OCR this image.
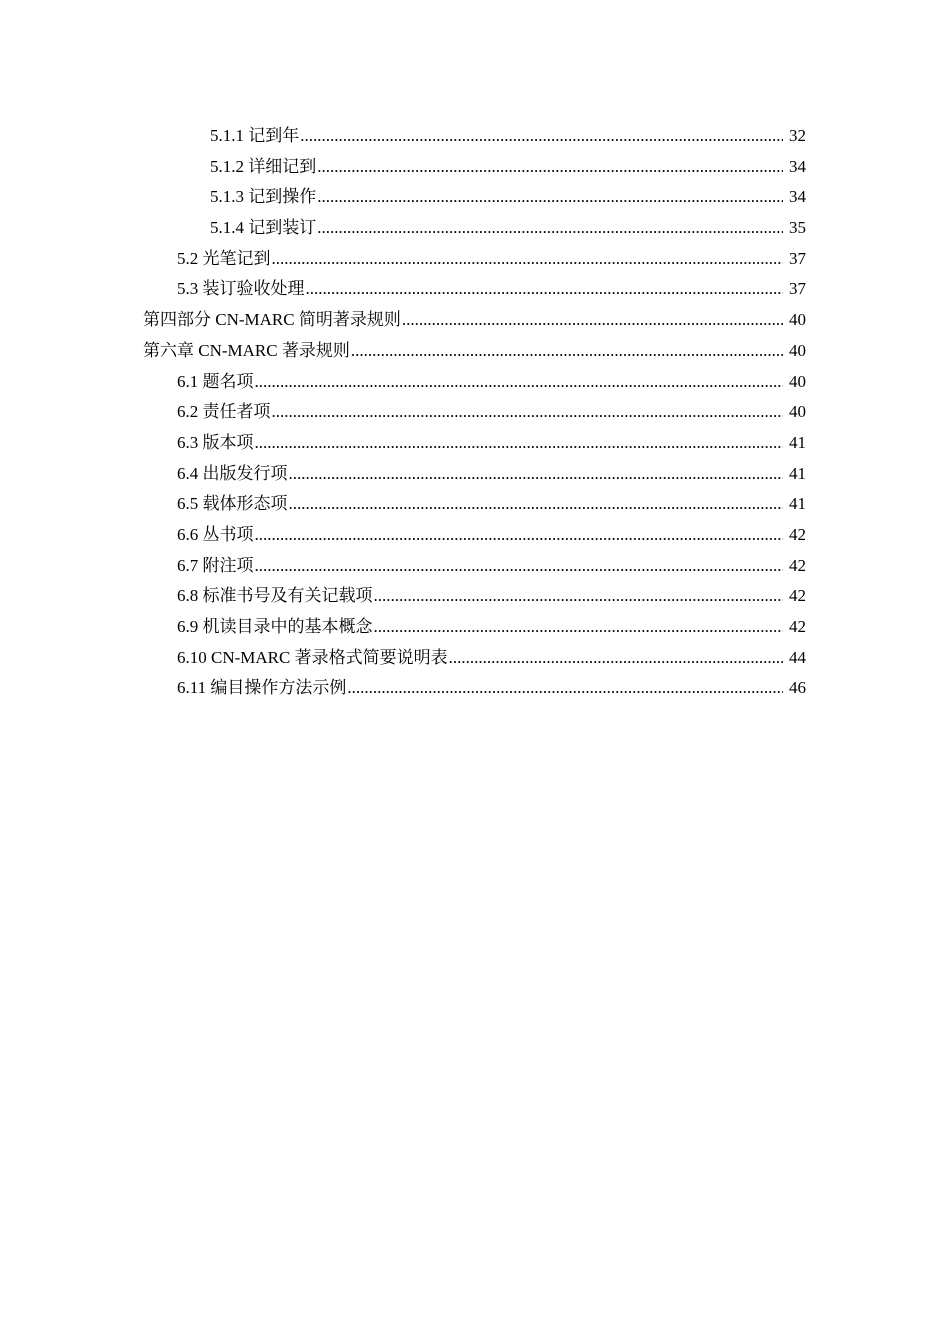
5.1.1 记到年 .....	32
5.1.2 详细记到 .....	34
5.1.3 记到操作 .....	34
5.1.4 记到装订 .....	35
5.2 光笔记到 .....	37
5.3 装订验收处理 .....	37
第四部分 CN-MARC 简明著录规则 .....	40
第六章 CN-MARC 著录规则 .....	40
6.1 题名项 .....	40
6.2 责任者项 .....	40
6.3 版本项 .....	41
6.4 出版发行项 .....	41
6.5 载体形态项 .....	41
6.6 丛书项 .....	42
6.7 附注项 .....	42
6.8 标准书号及有关记载项 .....	42
6.9 机读目录中的基本概念 .....	42
6.10 CN-MARC 著录格式简要说明表 .....	44
6.11 编目操作方法示例 .....	46
